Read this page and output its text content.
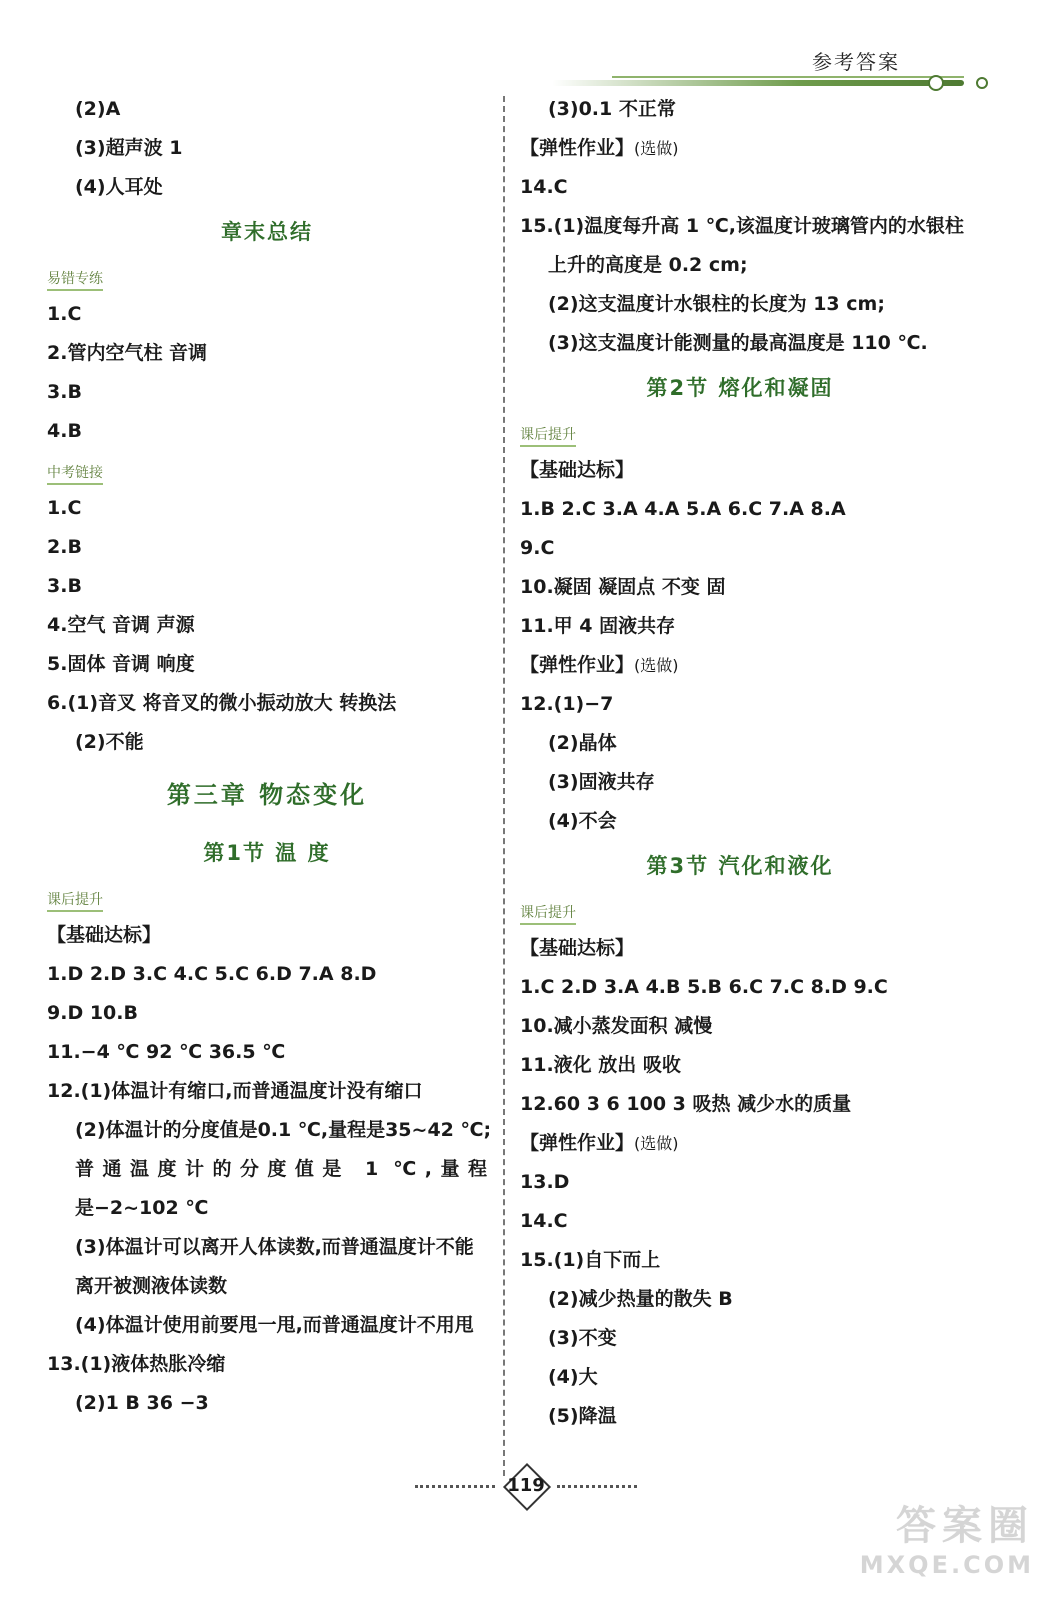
参考答案
(2)A
(3)超声波 1
(4)人耳处
章末总结
易错专练
1.C
2.管内空气柱 音调
3.B
4.B
中考链接
1.C
2.B
3.B
4.空气 音调 声源
5.固体 音调 响度
6.(1)音叉 将音叉的微小振动放大 转换法
(2)不能
第三章 物态变化
第1节 温 度
课后提升
【基础达标】
1.D 2.D 3.C 4.C 5.C 6.D 7.A 8.D
9.D 10.B
11.−4 ℃ 92 ℃ 36.5 ℃
12.(1)体温计有缩口,而普通温度计没有缩口
(2)体温计的分度值是0.1 ℃,量程是35~42 ℃;
普通温度计的分度值是 1 ℃,量程
是−2~102 ℃
(3)体温计可以离开人体读数,而普通温度计不能
离开被测液体读数
(4)体温计使用前要甩一甩,而普通温度计不用甩
13.(1)液体热胀冷缩
(2)1 B 36 −3
(3)0.1 不正常
【弹性作业】(选做)
14.C
15.(1)温度每升高 1 ℃,该温度计玻璃管内的水银柱
上升的高度是 0.2 cm;
(2)这支温度计水银柱的长度为 13 cm;
(3)这支温度计能测量的最高温度是 110 ℃.
第2节 熔化和凝固
课后提升
【基础达标】
1.B 2.C 3.A 4.A 5.A 6.C 7.A 8.A
9.C
10.凝固 凝固点 不变 固
11.甲 4 固液共存
【弹性作业】(选做)
12.(1)−7
(2)晶体
(3)固液共存
(4)不会
第3节 汽化和液化
课后提升
【基础达标】
1.C 2.D 3.A 4.B 5.B 6.C 7.C 8.D 9.C
10.减小蒸发面积 减慢
11.液化 放出 吸收
12.60 3 6 100 3 吸热 减少水的质量
【弹性作业】(选做)
13.D
14.C
15.(1)自下而上
(2)减少热量的散失 B
(3)不变
(4)大
(5)降温
119
答案圈
MXQE.COM
